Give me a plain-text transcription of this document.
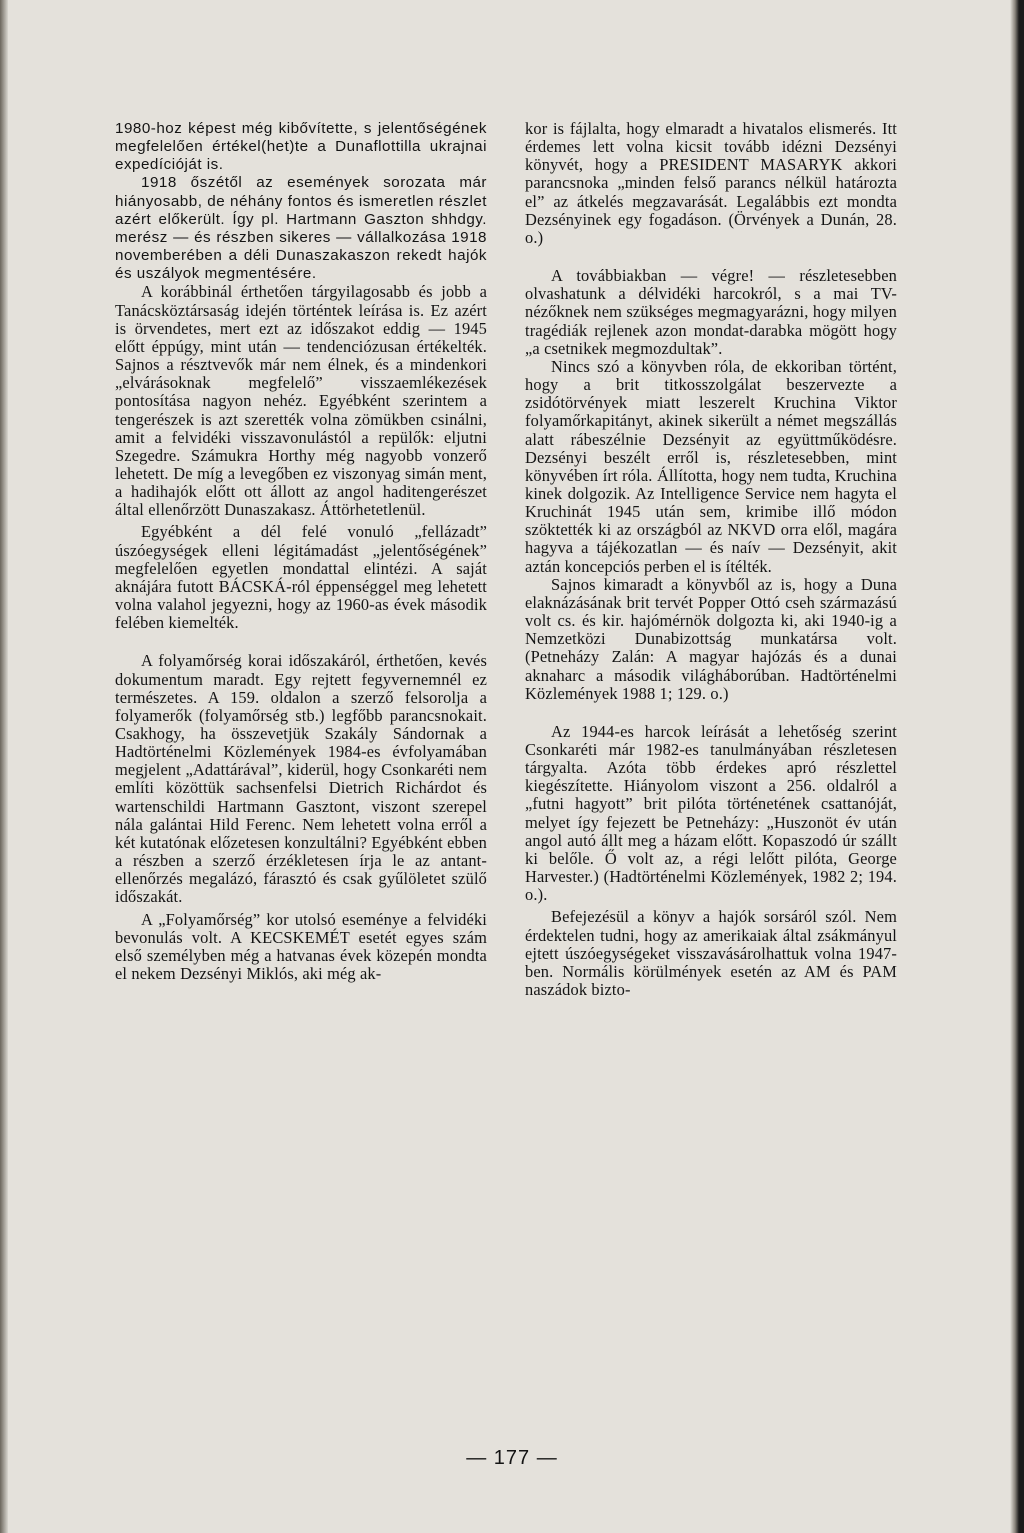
1980-hoz képest még kibővítette, s jelentőségének megfelelően értékel(het)te a Dunaflottilla ukrajnai expedícióját is.

1918 őszétől az események sorozata már hiányosabb, de néhány fontos és ismeretlen részlet azért előkerült. Így pl. Hartmann Gaszton shhdgy. merész — és részben sikeres — vállalkozása 1918 novemberében a déli Dunaszakaszon rekedt hajók és uszályok megmentésére.

A korábbinál érthetően tárgyilagosabb és jobb a Tanácsköztársaság idején történtek leírása is. Ez azért is örvendetes, mert ezt az időszakot eddig — 1945 előtt éppúgy, mint után — tendenciózusan értékelték. Sajnos a résztvevők már nem élnek, és a mindenkori „elvárásoknak megfelelő” visszaemlékezések pontosítása nagyon nehéz. Egyébként szerintem a tengerészek is azt szerették volna zömükben csinálni, amit a felvidéki visszavonulástól a repülők: eljutni Szegedre. Számukra Horthy még nagyobb vonzerő lehetett. De míg a levegőben ez viszonyag simán ment, a hadihajók előtt ott állott az angol haditengerészet által ellenőrzött Dunaszakasz. Áttörhetetlenül.

Egyébként a dél felé vonuló „fellázadt” úszóegységek elleni légitámadást „jelentőségének” megfelelően egyetlen mondattal elintézi. A saját aknájára futott BÁCSKÁ-ról éppenséggel meg lehetett volna valahol jegyezni, hogy az 1960-as évek második felében kiemelték.

A folyamőrség korai időszakáról, érthetően, kevés dokumentum maradt. Egy rejtett fegyvernemnél ez természetes. A 159. oldalon a szerző felsorolja a folyamerők (folyamőrség stb.) legfőbb parancsnokait. Csakhogy, ha összevetjük Szakály Sándornak a Hadtörténelmi Közlemények 1984-es évfolyamában megjelent „Adattárával”, kiderül, hogy Csonkaréti nem említi közöttük sachsenfelsi Dietrich Richárdot és wartenschildi Hartmann Gasztont, viszont szerepel nála galántai Hild Ferenc. Nem lehetett volna erről a két kutatónak előzetesen konzultálni? Egyébként ebben a részben a szerző érzékletesen írja le az antant-ellenőrzés megalázó, fárasztó és csak gyűlöletet szülő időszakát.

A „Folyamőrség” kor utolsó eseménye a felvidéki bevonulás volt. A KECSKEMÉT esetét egyes szám első személyben még a hatvanas évek közepén mondta el nekem Dezsényi Miklós, aki még ak-

kor is fájlalta, hogy elmaradt a hivatalos elismerés. Itt érdemes lett volna kicsit tovább idézni Dezsényi könyvét, hogy a PRESIDENT MASARYK akkori parancsnoka „minden felső parancs nélkül határozta el” az átkelés megzavarását. Legalábbis ezt mondta Dezsényinek egy fogadáson. (Örvények a Dunán, 28. o.)

A továbbiakban — végre! — részletesebben olvashatunk a délvidéki harcokról, s a mai TV-nézőknek nem szükséges megmagyarázni, hogy milyen tragédiák rejlenek azon mondat-darabka mögött hogy „a csetnikek megmozdultak”.

Nincs szó a könyvben róla, de ekkoriban történt, hogy a brit titkosszolgálat beszervezte a zsidótörvények miatt leszerelt Kruchina Viktor folyamőrkapitányt, akinek sikerült a német megszállás alatt rábeszélnie Dezsényit az együttműködésre. Dezsényi beszélt erről is, részletesebben, mint könyvében írt róla. Állította, hogy nem tudta, Kruchina kinek dolgozik. Az Intelligence Service nem hagyta el Kruchinát 1945 után sem, krimibe illő módon szöktették ki az országból az NKVD orra elől, magára hagyva a tájékozatlan — és naív — Dezsényit, akit aztán koncepciós perben el is ítélték.

Sajnos kimaradt a könyvből az is, hogy a Duna elaknázásának brit tervét Popper Ottó cseh származású volt cs. és kir. hajómérnök dolgozta ki, aki 1940-ig a Nemzetközi Dunabizottság munkatársa volt. (Petneházy Zalán: A magyar hajózás és a dunai aknaharc a második világháborúban. Hadtörténelmi Közlemények 1988 1; 129. o.)

Az 1944-es harcok leírását a lehetőség szerint Csonkaréti már 1982-es tanulmányában részletesen tárgyalta. Azóta több érdekes apró részlettel kiegészítette. Hiányolom viszont a 256. oldalról a „futni hagyott” brit pilóta történetének csattanóját, melyet így fejezett be Petneházy: „Huszonöt év után angol autó állt meg a házam előtt. Kopaszodó úr szállt ki belőle. Ő volt az, a régi lelőtt pilóta, George Harvester.) (Hadtörténelmi Közlemények, 1982 2; 194. o.).

Befejezésül a könyv a hajók sorsáról szól. Nem érdektelen tudni, hogy az amerikaiak által zsákmányul ejtett úszóegységeket visszavásárolhattuk volna 1947-ben. Normális körülmények esetén az AM és PAM naszádok bizto-

— 177 —
